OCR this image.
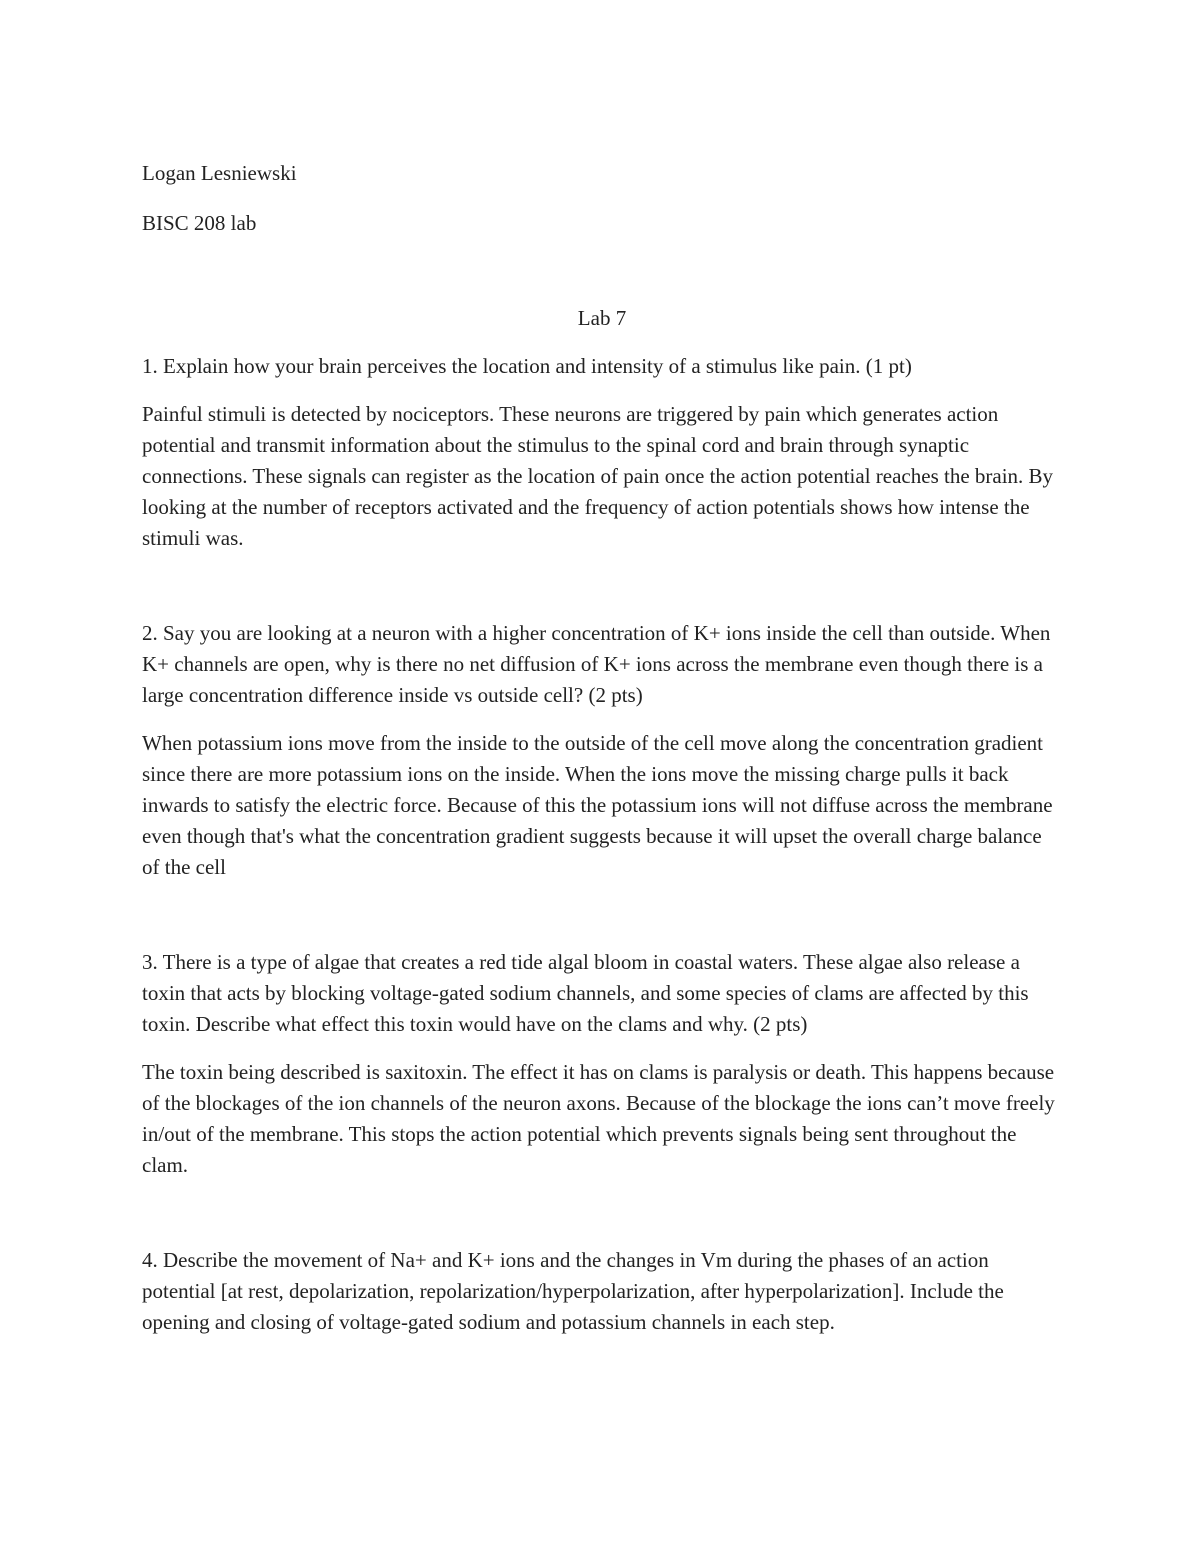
Logan Lesniewski

BISC 208 lab

Lab 7

1. Explain how your brain perceives the location and intensity of a stimulus like pain. (1 pt)

Painful stimuli is detected by nociceptors. These neurons are triggered by pain which generates action potential and transmit information about the stimulus to the spinal cord and brain through synaptic connections. These signals can register as the location of pain once the action potential reaches the brain. By looking at the number of receptors activated and the frequency of action potentials shows how intense the stimuli was.

2. Say you are looking at a neuron with a higher concentration of K+ ions inside the cell than outside. When K+ channels are open, why is there no net diffusion of K+ ions across the membrane even though there is a large concentration difference inside vs outside cell? (2 pts)

When potassium ions move from the inside to the outside of the cell move along the concentration gradient since there are more potassium ions on the inside. When the ions move the missing charge pulls it back inwards to satisfy the electric force. Because of this the potassium ions will not diffuse across the membrane even though that's what the concentration gradient suggests because it will upset the overall charge balance of the cell

3. There is a type of algae that creates a red tide algal bloom in coastal waters. These algae also release a toxin that acts by blocking voltage-gated sodium channels, and some species of clams are affected by this toxin. Describe what effect this toxin would have on the clams and why. (2 pts)

The toxin being described is saxitoxin. The effect it has on clams is paralysis or death. This happens because of the blockages of the ion channels of the neuron axons. Because of the blockage the ions can’t move freely in/out of the membrane. This stops the action potential which prevents signals being sent throughout the clam.

4. Describe the movement of Na+ and K+ ions and the changes in Vm during the phases of an action potential [at rest, depolarization, repolarization/hyperpolarization, after hyperpolarization]. Include the opening and closing of voltage-gated sodium and potassium channels in each step.
